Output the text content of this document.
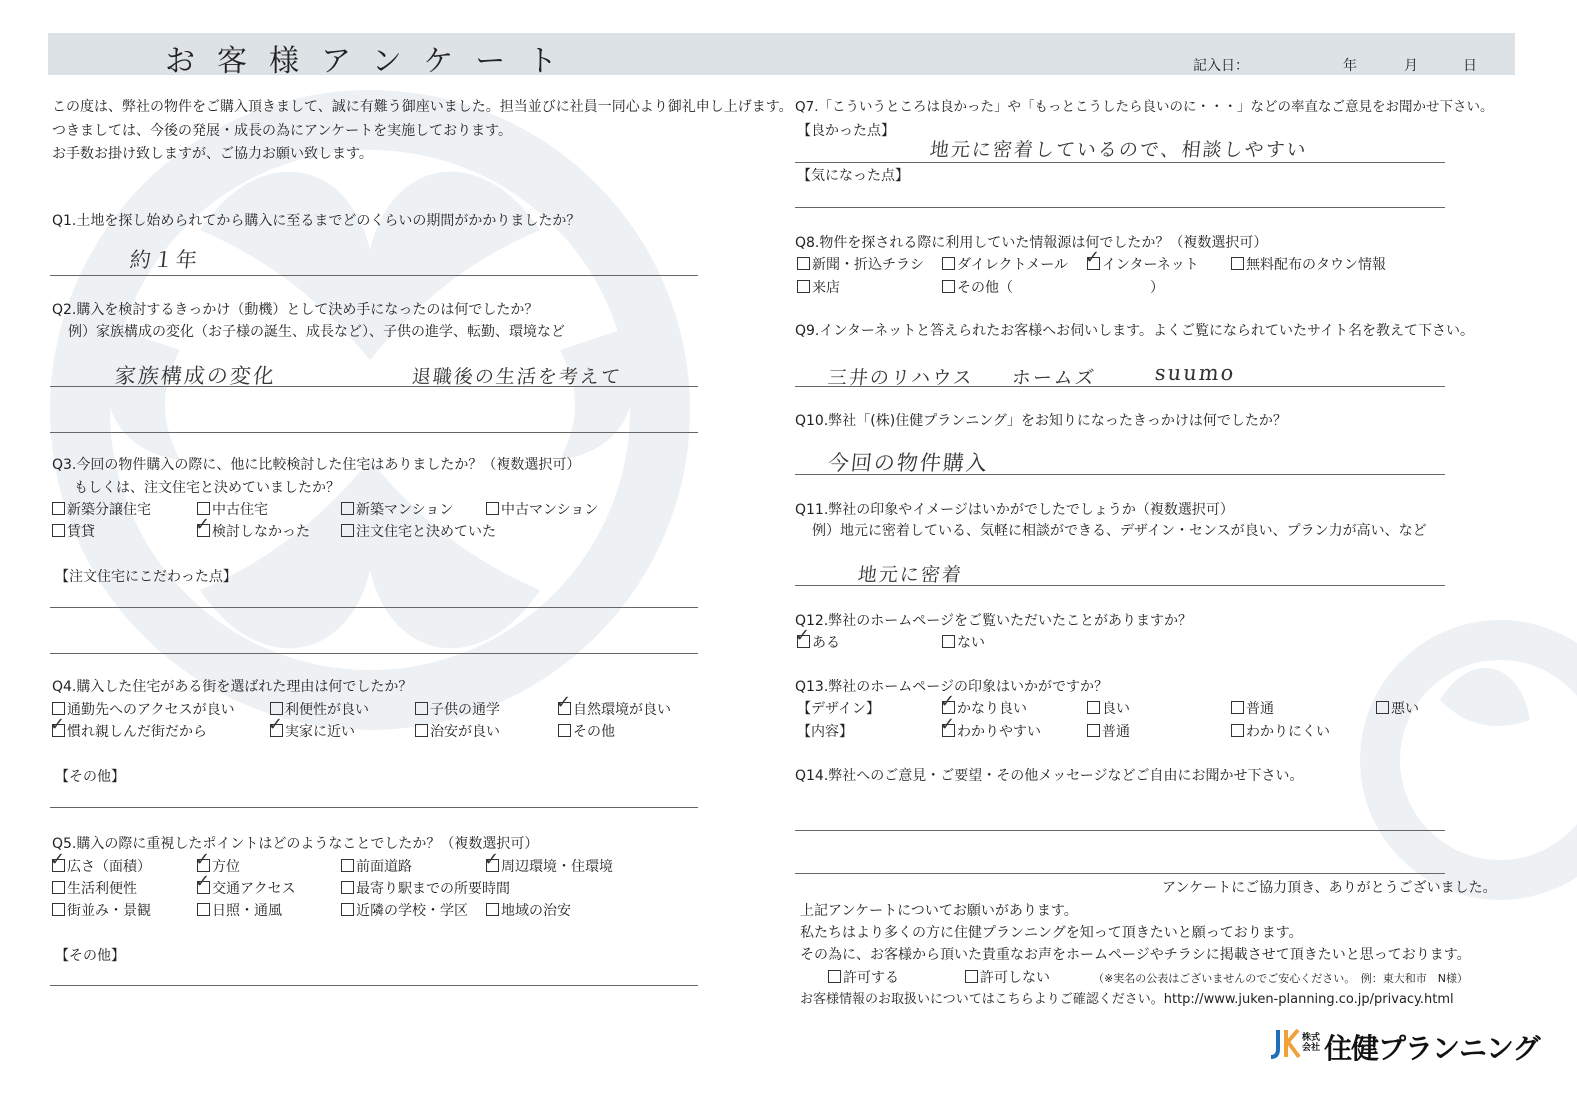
お客様アンケート	記入日：	年	月	日
この度は、弊社の物件をご購入頂きまして、誠に有難う御座いました。担当並びに社員一同心より御礼申し上げます。
つきましては、今後の発展・成長の為にアンケートを実施しております。
お手数お掛け致しますが、ご協力お願い致します。
Q1.土地を探し始められてから購入に至るまでどのくらいの期間がかかりましたか？
約１年
Q2.購入を検討するきっかけ（動機）として決め手になったのは何でしたか？
例）家族構成の変化（お子様の誕生、成長など）、子供の進学、転勤、環境など
家族構成の変化	退職後の生活を考えて
Q3.今回の物件購入の際に、他に比較検討した住宅はありましたか？（複数選択可）
もしくは、注文住宅と決めていましたか？
新築分譲住宅	中古住宅	新築マンション	中古マンション
賃貸	✓ 検討しなかった	注文住宅と決めていた
【注文住宅にこだわった点】
Q4.購入した住宅がある街を選ばれた理由は何でしたか？
通勤先へのアクセスが良い	利便性が良い	子供の通学	✓ 自然環境が良い
✓ 慣れ親しんだ街だから	✓ 実家に近い	治安が良い	その他
【その他】
Q5.購入の際に重視したポイントはどのようなことでしたか？（複数選択可）
✓ 広さ（面積） ✓ 方位	前面道路	✓ 周辺環境・住環境
生活利便性	✓ 交通アクセス	最寄り駅までの所要時間
街並み・景観	日照・通風	近隣の学校・学区	地域の治安
【その他】
Q7.「こういうところは良かった」や「もっとこうしたら良いのに・・・」などの率直なご意見をお聞かせ下さい。
【良かった点】
地元に密着しているので、相談しやすい
【気になった点】
Q8.物件を探される際に利用していた情報源は何でしたか？（複数選択可）
新聞・折込チラシ	ダイレクトメール ✓ インターネット	無料配布のタウン情報
来店	その他（	）
Q9.インターネットと答えられたお客様へお伺いします。よくご覧になられていたサイト名を教えて下さい。
三井のリハウス ホームズ	suumo
Q10.弊社「(株)住健プランニング」をお知りになったきっかけは何でしたか？
今回の物件購入
Q11.弊社の印象やイメージはいかがでしたでしょうか（複数選択可）
例）地元に密着している、気軽に相談ができる、デザイン・センスが良い、プラン力が高い、など
地元に密着
Q12.弊社のホームページをご覧いただいたことがありますか？
✓ ある	ない
Q13.弊社のホームページの印象はいかがですか？
【デザイン】	✓ かなり良い	良い	普通	悪い
【内容】	✓ わかりやすい	普通	わかりにくい
Q14.弊社へのご意見・ご要望・その他メッセージなどご自由にお聞かせ下さい。
アンケートにご協力頂き、ありがとうございました。
上記アンケートについてお願いがあります。
私たちはより多くの方に住健プランニングを知って頂きたいと願っております。
その為に、お客様から頂いた貴重なお声をホームページやチラシに掲載させて頂きたいと思っております。
許可する	許可しない	（※実名の公表はございませんのでご安心ください。　例：東大和市　N様）
お客様情報のお取扱いについてはこちらよりご確認ください。http://www.juken-planning.co.jp/privacy.html
株式会社 住健プランニング
